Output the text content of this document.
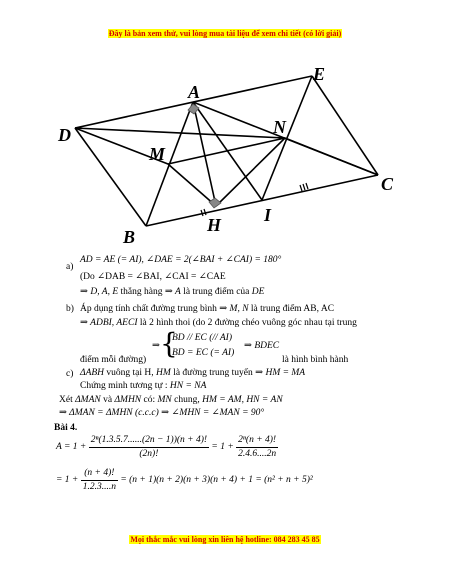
Đây là bản xem thử, vui lòng mua tài liệu để xem chi tiết (có lời giải)
A
E
D	N
M
C
B
H I
a)
AD = AE (= AI), ∠DAE = 2(∠BAI + ∠CAI) = 180°
(Do ∠DAB = ∠BAI, ∠CAI = ∠CAE
⇒ D, A, E thẳng hàng ⇒ A là trung điểm của DE
b) Áp dụng tính chất đường trung bình ⇒ M, N là trung điểm AB, AC
⇒ ADBI, AECI là 2 hình thoi (do 2 đường chéo vuông góc nhau tại trung
⇒ {
BD // EC (// AI)
BD = EC (= AI)
⇒ BDEC
điểm mỗi đường)	là hình bình hành
c) ΔABH vuông tại H, HM là đường trung tuyến ⇒ HM = MA
Chứng minh tương tự : HN = NA
Xét ΔMAN và ΔMHN có: MN chung, HM = AM, HN = AN
⇒ ΔMAN = ΔMHN (c.c.c) ⇒ ∠MHN = ∠MAN = 90°
Bài 4.
$A = 1 + \frac{\text{2ⁿ(1.3.5.7......(2n − 1))(n + 4)!}}{(2n)!} = 1 + \frac{\text{2ⁿ(n + 4)!}}{2.4.6....2n}$
= $1 + \frac{(n + 4)!}{1.2.3....n} = (n + 1)(n + 2)(n + 3)(n + 4) + 1 = (n^2 + n + 5)^2$
Mọi thắc mắc vui lòng xin liên hệ hotline: 084 283 45 85
